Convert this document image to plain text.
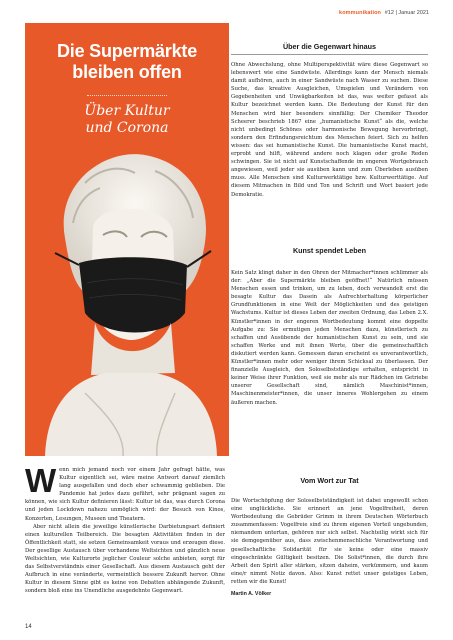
kommunikation #12 | Januar 2021
Die Supermärkte
bleiben offen
Über Kultur
und Corona
Über die Gegenwart hinaus

Ohne Abwechslung, ohne Multiperspektivität wäre diese Gegenwart so lebenswert wie eine Sandwüste. Allerdings kann der Mensch niemals damit aufhören, auch in einer Sandwüste nach Wasser zu suchen. Diese Suche, das kreative Ausgleichen, Umspielen und Verändern von Gegebenheiten und Unwägbarkeiten ist das, was weiter gefasst als Kultur bezeichnet werden kann. Die Bedeutung der Kunst für den Menschen wird hier besonders sinnfällig: Der Chemiker Theodor Scheerer beschrieb 1867 eine „humanistische Kunst“ als die, welche nicht unbedingt Schönes oder harmonische Bewegung hervorbringt, sondern den Erfindungsreichtum des Menschen feiert. Sich zu helfen wissen: das sei humanistische Kunst. Die humanistische Kunst macht, erprobt und hilft, während andere noch klagen oder große Reden schwingen. Sie ist nicht auf Kunstschaffende im engeren Wortgebrauch angewiesen, weil jeder sie ausüben kann und zum Überleben ausüben muss. Alle Menschen sind Kulturwerktätige bzw. Kulturwerttätige. Auf diesem Mitmachen in Bild und Ton und Schrift und Wort basiert jede Demokratie.

Kunst spendet Leben

Kein Satz klingt daher in den Ohren der Mitmacher*innen schlimmer als der: „Aber die Supermärkte bleiben geöffnet!“ Natürlich müssen Menschen essen und trinken, um zu leben, doch verwandelt erst die besagte Kultur das Dasein als Aufrechterhaltung körperlicher Grundfunktionen in eine Welt der Möglichkeiten und des geistigen Wachstums. Kultur ist dieses Leben der zweiten Ordnung, das Leben 2.X. Künstler*innen in der engeren Wortbedeutung kommt eine doppelte Aufgabe zu: Sie ermutigen jeden Menschen dazu, künstlerisch zu schaffen und Ausübende der humanistischen Kunst zu sein, und sie schaffen Werke und mit ihnen Werte, über die gemeinschaftlich diskutiert werden kann. Gemessen daran erscheint es unverantwortlich, Künstler*innen mehr oder weniger ihrem Schicksal zu überlassen. Der finanzielle Ausgleich, den Soloselbstständige erhalten, entspricht in keiner Weise ihrer Funktion, weil sie mehr als nur Rädchen im Getriebe unserer Gesellschaft sind, nämlich Maschinist*innen, Maschinenmeister*innen, die unser inneres Wohlergehen zu einem äußeren machen.

Vom Wort zur Tat

Die Wortschöpfung der Soloselbstständigkeit ist dabei ungewollt schon eine unglückliche. Sie erinnert an jene Vogelfreiheit, deren Wortbedeutung die Gebrüder Grimm in ihrem Deutschen Wörterbuch zusammenfassen: Vogelfreie sind zu ihrem eigenen Vorteil ungebunden, niemandem untertan, gehören nur sich selbst. Nachteilig wirkt sich für sie demgegenüber aus, dass zwischenmenschliche Verantwortung und gesellschaftliche Solidarität für sie keine oder eine massiv eingeschränkte Gültigkeit besitzen. Die Solist*innen, die durch ihre Arbeit den Spirit aller stärken, sitzen daheim, verkümmern, und kaum eine/r nimmt Notiz davon. Also: Kunst rettet unser geistiges Leben, retten wir die Kunst!

Martin A. Völker

Wenn mich jemand noch vor einem Jahr gefragt hätte, was Kultur eigentlich sei, wäre meine Antwort darauf ziemlich lang ausgefallen und doch eher schwammig geblieben. Die Pandemie hat jedes dazu geführt, sehr prägnant sagen zu können, wie sich Kultur definieren lässt: Kultur ist das, was durch Corona und jeden Lockdown nahezu unmöglich wird: der Besuch von Kinos, Konzerten, Lesungen, Museen und Theatern.

Aber nicht allein die jeweilige künstlerische Darbietungsart definiert einen kulturellen Teilbereich. Die besagten Aktivitäten finden in der Öffentlichkeit statt, sie setzen Gemeinsamkeit voraus und erzeugen diese. Der gesellige Austausch über vorhandene Weltsichten und gänzlich neue Weltsichten, wie Kulturorte jeglicher Couleur solche anbieten, sorgt für das Selbstverständnis einer Gesellschaft. Aus diesem Austausch geht der Aufbruch in eine veränderte, vermeintlich bessere Zukunft hervor. Ohne Kultur in diesem Sinne gibt es keine von Debatten abhängende Zukunft, sondern bloß eine ins Unendliche ausgedehnte Gegenwart.

14
